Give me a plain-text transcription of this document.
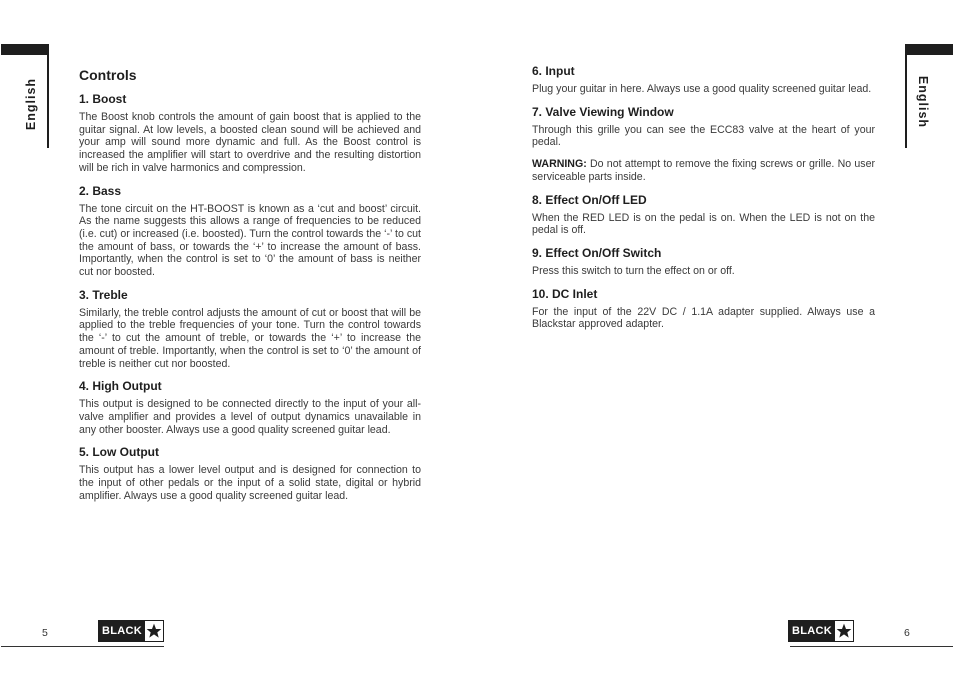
English	English
Controls
1. Boost

The Boost knob controls the amount of gain boost that is applied to the guitar signal. At low levels, a boosted clean sound will be achieved and your amp will sound more dynamic and full. As the Boost control is increased the amplifier will start to overdrive and the resulting distortion will be rich in valve harmonics and compression.

2. Bass

The tone circuit on the HT-BOOST is known as a ‘cut and boost’ circuit. As the name suggests this allows a range of frequencies to be reduced (i.e. cut) or increased (i.e. boosted). Turn the control towards the ‘-’ to cut the amount of bass, or towards the ‘+’ to increase the amount of bass. Importantly, when the control is set to ‘0’ the amount of bass is neither cut nor boosted.

3. Treble

Similarly, the treble control adjusts the amount of cut or boost that will be applied to the treble frequencies of your tone. Turn the control towards the ‘-’ to cut the amount of treble, or towards the ‘+’ to increase the amount of treble. Importantly, when the control is set to ‘0’ the amount of treble is neither cut nor boosted.

4. High Output

This output is designed to be connected directly to the input of your all-valve amplifier and provides a level of output dynamics unavailable in any other booster. Always use a good quality screened guitar lead.

5. Low Output

This output has a lower level output and is designed for connection to the input of other pedals or the input of a solid state, digital or hybrid amplifier. Always use a good quality screened guitar lead.

6. Input

Plug your guitar in here. Always use a good quality screened guitar lead.

7. Valve Viewing Window

Through this grille you can see the ECC83 valve at the heart of your pedal.

WARNING: Do not attempt to remove the fixing screws or grille. No user serviceable parts inside.

8. Effect On/Off LED

When the RED LED is on the pedal is on. When the LED is not on the pedal is off.

9. Effect On/Off Switch

Press this switch to turn the effect on or off.

10. DC Inlet

For the input of the 22V DC / 1.1A adapter supplied. Always use a Blackstar approved adapter.

5	BLACK	BLACK	6
